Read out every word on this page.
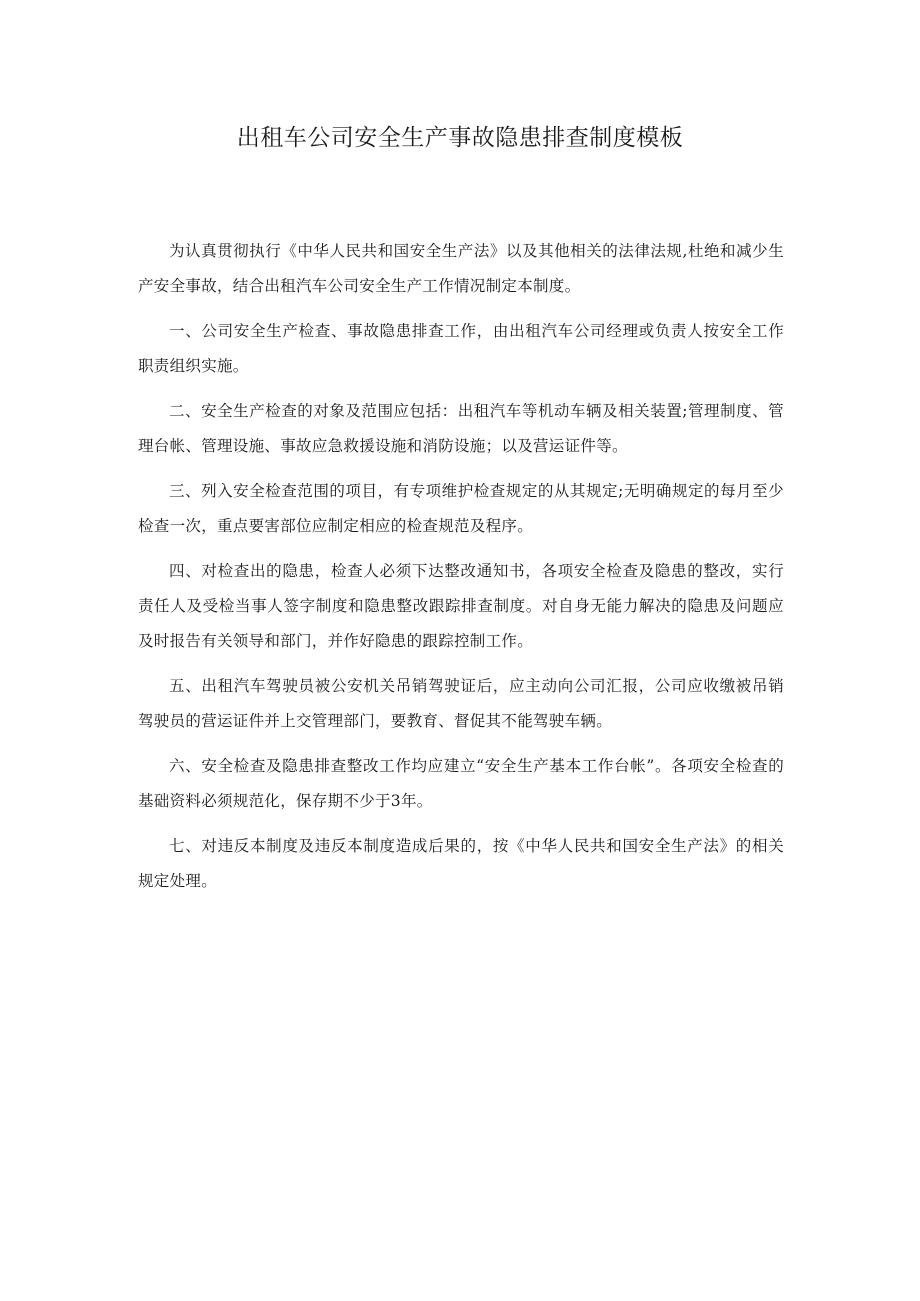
出租车公司安全生产事故隐患排查制度模板

为认真贯彻执行《中华人民共和国安全生产法》以及其他相关的法律法规,杜绝和减少生产安全事故，结合出租汽车公司安全生产工作情况制定本制度。

一、公司安全生产检查、事故隐患排查工作，由出租汽车公司经理或负责人按安全工作职责组织实施。

二、安全生产检查的对象及范围应包括：出租汽车等机动车辆及相关装置;管理制度、管理台帐、管理设施、事故应急救援设施和消防设施；以及营运证件等。

三、列入安全检查范围的项目，有专项维护检查规定的从其规定;无明确规定的每月至少检查一次，重点要害部位应制定相应的检查规范及程序。

四、对检查出的隐患，检查人必须下达整改通知书，各项安全检查及隐患的整改，实行责任人及受检当事人签字制度和隐患整改跟踪排查制度。对自身无能力解决的隐患及问题应及时报告有关领导和部门，并作好隐患的跟踪控制工作。

五、出租汽车驾驶员被公安机关吊销驾驶证后，应主动向公司汇报，公司应收缴被吊销驾驶员的营运证件并上交管理部门，要教育、督促其不能驾驶车辆。

六、安全检查及隐患排查整改工作均应建立“安全生产基本工作台帐”。各项安全检查的基础资料必须规范化，保存期不少于3年。

七、对违反本制度及违反本制度造成后果的，按《中华人民共和国安全生产法》的相关规定处理。
